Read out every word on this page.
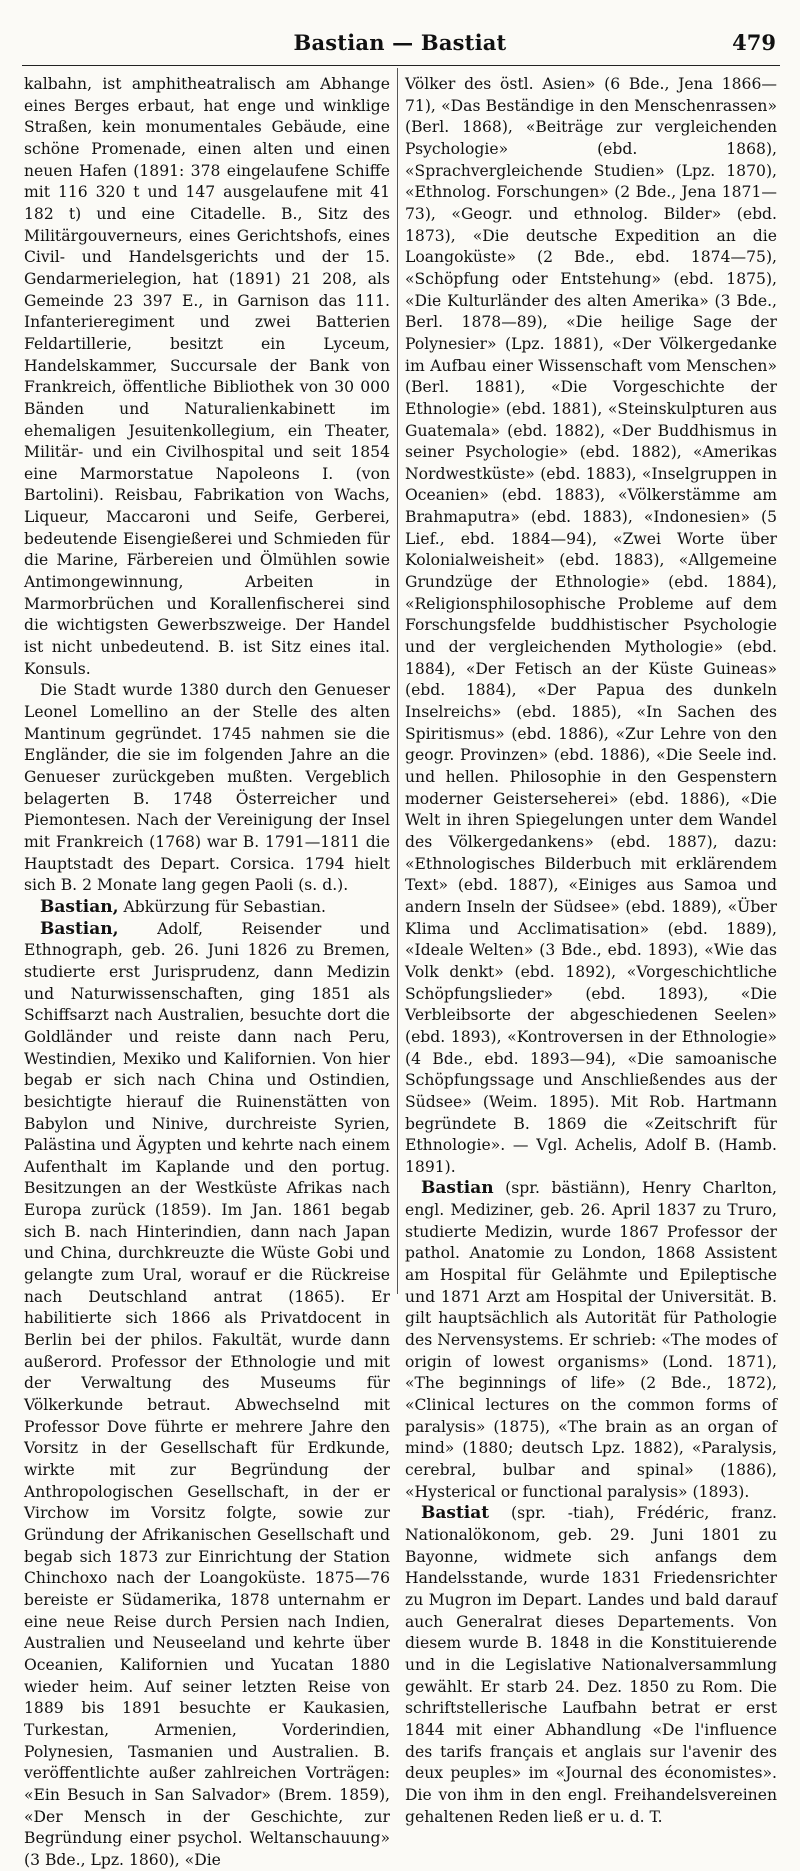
Bastian — Bastiat	479

kalbahn, ist amphitheatralisch am Abhange eines Berges erbaut, hat enge und winklige Straßen, kein monumentales Gebäude, eine schöne Promenade, einen alten und einen neuen Hafen (1891: 378 eingelaufene Schiffe mit 116 320 t und 147 ausgelaufene mit 41 182 t) und eine Citadelle. B., Sitz des Militärgouverneurs, eines Gerichtshofs, eines Civil- und Handelsgerichts und der 15. Gendarmerielegion, hat (1891) 21 208, als Gemeinde 23 397 E., in Garnison das 111. Infanterieregiment und zwei Batterien Feldartillerie, besitzt ein Lyceum, Handelskammer, Succursale der Bank von Frankreich, öffentliche Bibliothek von 30 000 Bänden und Naturalienkabinett im ehemaligen Jesuitenkollegium, ein Theater, Militär- und ein Civilhospital und seit 1854 eine Marmorstatue Napoleons I. (von Bartolini). Reisbau, Fabrikation von Wachs, Liqueur, Maccaroni und Seife, Gerberei, bedeutende Eisengießerei und Schmieden für die Marine, Färbereien und Ölmühlen sowie Antimongewinnung, Arbeiten in Marmorbrüchen und Korallenfischerei sind die wichtigsten Gewerbszweige. Der Handel ist nicht unbedeutend. B. ist Sitz eines ital. Konsuls.

Die Stadt wurde 1380 durch den Genueser Leonel Lomellino an der Stelle des alten Mantinum gegründet. 1745 nahmen sie die Engländer, die sie im folgenden Jahre an die Genueser zurückgeben mußten. Vergeblich belagerten B. 1748 Österreicher und Piemontesen. Nach der Vereinigung der Insel mit Frankreich (1768) war B. 1791—1811 die Hauptstadt des Depart. Corsica. 1794 hielt sich B. 2 Monate lang gegen Paoli (s. d.).

Bastian, Abkürzung für Sebastian.

Bastian, Adolf, Reisender und Ethnograph, geb. 26. Juni 1826 zu Bremen, studierte erst Jurisprudenz, dann Medizin und Naturwissenschaften, ging 1851 als Schiffsarzt nach Australien, besuchte dort die Goldländer und reiste dann nach Peru, Westindien, Mexiko und Kalifornien. Von hier begab er sich nach China und Ostindien, besichtigte hierauf die Ruinenstätten von Babylon und Ninive, durchreiste Syrien, Palästina und Ägypten und kehrte nach einem Aufenthalt im Kaplande und den portug. Besitzungen an der Westküste Afrikas nach Europa zurück (1859). Im Jan. 1861 begab sich B. nach Hinterindien, dann nach Japan und China, durchkreuzte die Wüste Gobi und gelangte zum Ural, worauf er die Rückreise nach Deutschland antrat (1865). Er habilitierte sich 1866 als Privatdocent in Berlin bei der philos. Fakultät, wurde dann außerord. Professor der Ethnologie und mit der Verwaltung des Museums für Völkerkunde betraut. Abwechselnd mit Professor Dove führte er mehrere Jahre den Vorsitz in der Gesellschaft für Erdkunde, wirkte mit zur Begründung der Anthropologischen Gesellschaft, in der er Virchow im Vorsitz folgte, sowie zur Gründung der Afrikanischen Gesellschaft und begab sich 1873 zur Einrichtung der Station Chinchoxo nach der Loangoküste. 1875—76 bereiste er Südamerika, 1878 unternahm er eine neue Reise durch Persien nach Indien, Australien und Neuseeland und kehrte über Oceanien, Kalifornien und Yucatan 1880 wieder heim. Auf seiner letzten Reise von 1889 bis 1891 besuchte er Kaukasien, Turkestan, Armenien, Vorderindien, Polynesien, Tasmanien und Australien. B. veröffentlichte außer zahlreichen Vorträgen: «Ein Besuch in San Salvador» (Brem. 1859), «Der Mensch in der Geschichte, zur Begründung einer psychol. Weltanschauung» (3 Bde., Lpz. 1860), «Die

Völker des östl. Asien» (6 Bde., Jena 1866—71), «Das Beständige in den Menschenrassen» (Berl. 1868), «Beiträge zur vergleichenden Psychologie» (ebd. 1868), «Sprachvergleichende Studien» (Lpz. 1870), «Ethnolog. Forschungen» (2 Bde., Jena 1871—73), «Geogr. und ethnolog. Bilder» (ebd. 1873), «Die deutsche Expedition an die Loangoküste» (2 Bde., ebd. 1874—75), «Schöpfung oder Entstehung» (ebd. 1875), «Die Kulturländer des alten Amerika» (3 Bde., Berl. 1878—89), «Die heilige Sage der Polynesier» (Lpz. 1881), «Der Völkergedanke im Aufbau einer Wissenschaft vom Menschen» (Berl. 1881), «Die Vorgeschichte der Ethnologie» (ebd. 1881), «Steinskulpturen aus Guatemala» (ebd. 1882), «Der Buddhismus in seiner Psychologie» (ebd. 1882), «Amerikas Nordwestküste» (ebd. 1883), «Inselgruppen in Oceanien» (ebd. 1883), «Völkerstämme am Brahmaputra» (ebd. 1883), «Indonesien» (5 Lief., ebd. 1884—94), «Zwei Worte über Kolonialweisheit» (ebd. 1883), «Allgemeine Grundzüge der Ethnologie» (ebd. 1884), «Religionsphilosophische Probleme auf dem Forschungsfelde buddhistischer Psychologie und der vergleichenden Mythologie» (ebd. 1884), «Der Fetisch an der Küste Guineas» (ebd. 1884), «Der Papua des dunkeln Inselreichs» (ebd. 1885), «In Sachen des Spiritismus» (ebd. 1886), «Zur Lehre von den geogr. Provinzen» (ebd. 1886), «Die Seele ind. und hellen. Philosophie in den Gespenstern moderner Geisterseherei» (ebd. 1886), «Die Welt in ihren Spiegelungen unter dem Wandel des Völkergedankens» (ebd. 1887), dazu: «Ethnologisches Bilderbuch mit erklärendem Text» (ebd. 1887), «Einiges aus Samoa und andern Inseln der Südsee» (ebd. 1889), «Über Klima und Acclimatisation» (ebd. 1889), «Ideale Welten» (3 Bde., ebd. 1893), «Wie das Volk denkt» (ebd. 1892), «Vorgeschichtliche Schöpfungslieder» (ebd. 1893), «Die Verbleibsorte der abgeschiedenen Seelen» (ebd. 1893), «Kontroversen in der Ethnologie» (4 Bde., ebd. 1893—94), «Die samoanische Schöpfungssage und Anschließendes aus der Südsee» (Weim. 1895). Mit Rob. Hartmann begründete B. 1869 die «Zeitschrift für Ethnologie». — Vgl. Achelis, Adolf B. (Hamb. 1891).

Bastian (spr. bästiänn), Henry Charlton, engl. Mediziner, geb. 26. April 1837 zu Truro, studierte Medizin, wurde 1867 Professor der pathol. Anatomie zu London, 1868 Assistent am Hospital für Gelähmte und Epileptische und 1871 Arzt am Hospital der Universität. B. gilt hauptsächlich als Autorität für Pathologie des Nervensystems. Er schrieb: «The modes of origin of lowest organisms» (Lond. 1871), «The beginnings of life» (2 Bde., 1872), «Clinical lectures on the common forms of paralysis» (1875), «The brain as an organ of mind» (1880; deutsch Lpz. 1882), «Paralysis, cerebral, bulbar and spinal» (1886), «Hysterical or functional paralysis» (1893).

Bastiat (spr. -tiah), Frédéric, franz. Nationalökonom, geb. 29. Juni 1801 zu Bayonne, widmete sich anfangs dem Handelsstande, wurde 1831 Friedensrichter zu Mugron im Depart. Landes und bald darauf auch Generalrat dieses Departements. Von diesem wurde B. 1848 in die Konstituierende und in die Legislative Nationalversammlung gewählt. Er starb 24. Dez. 1850 zu Rom. Die schriftstellerische Laufbahn betrat er erst 1844 mit einer Abhandlung «De l'influence des tarifs français et anglais sur l'avenir des deux peuples» im «Journal des économistes». Die von ihm in den engl. Freihandelsvereinen gehaltenen Reden ließ er u. d. T.
